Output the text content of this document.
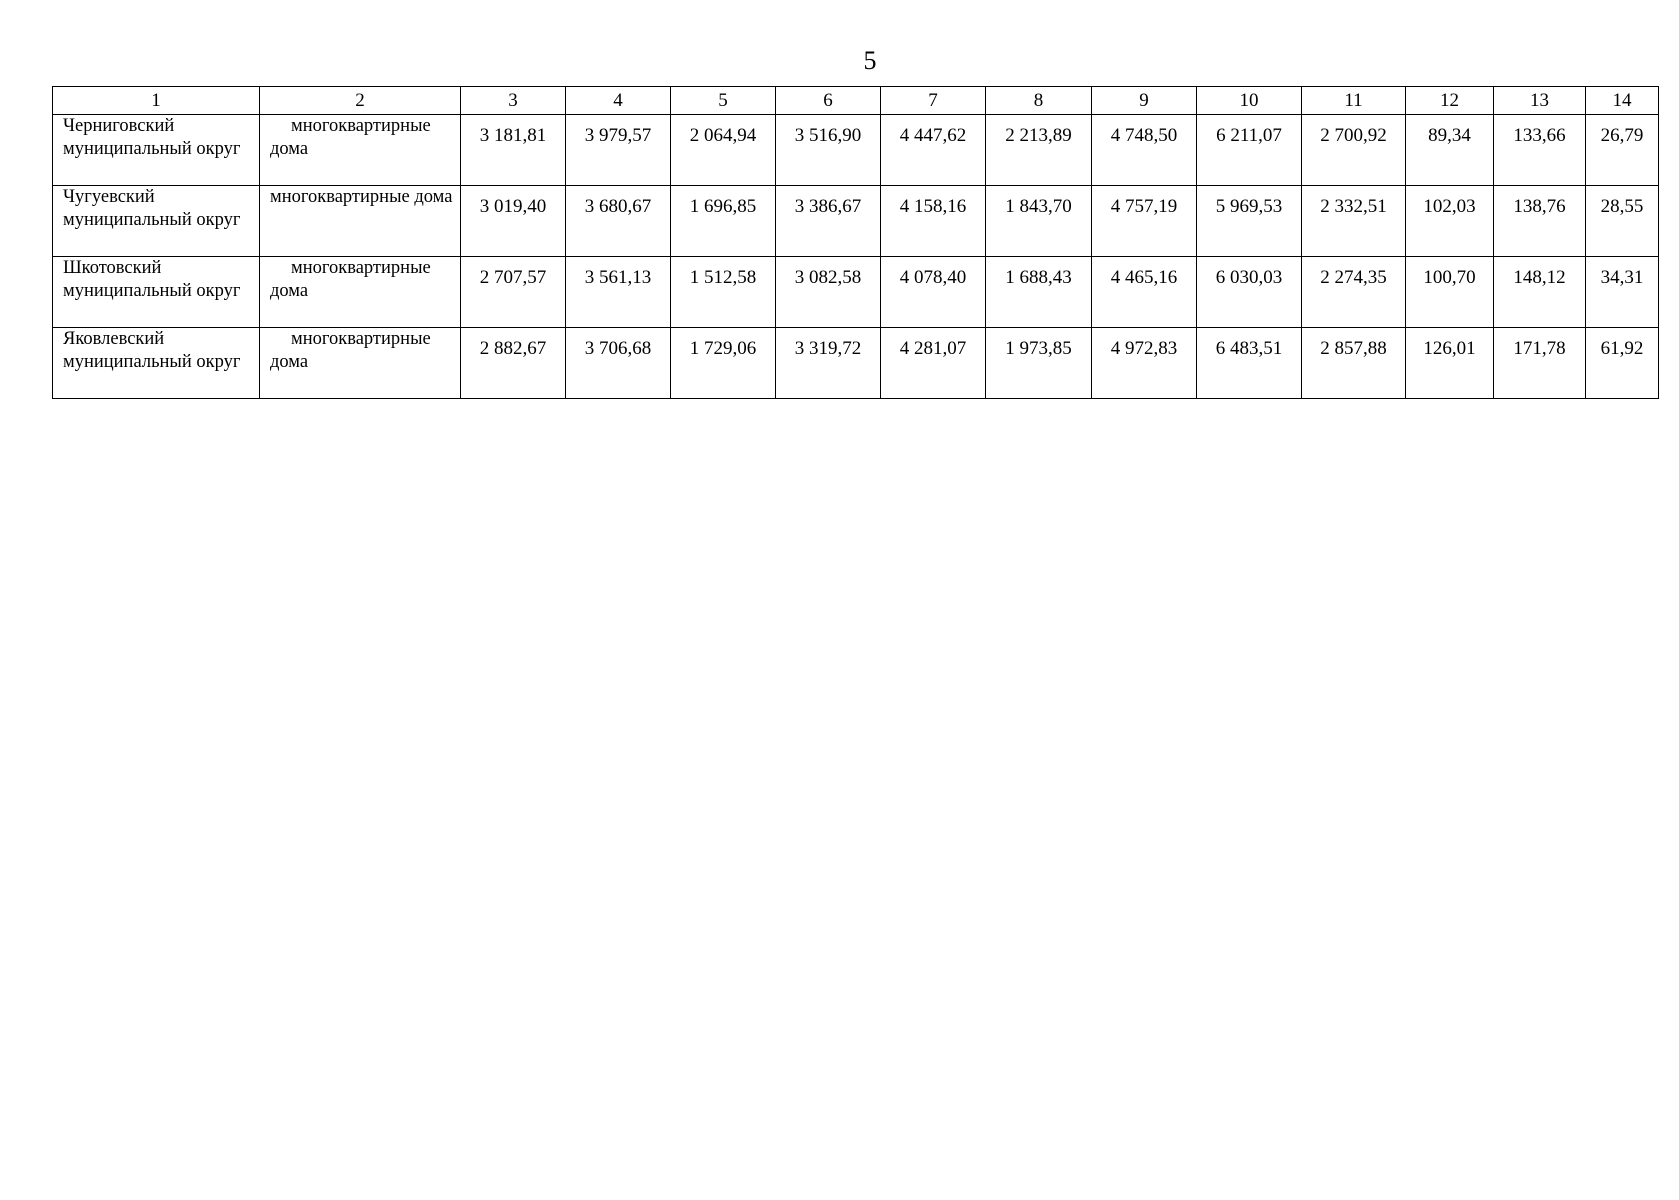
5
1	2	3	4	5	6	7	8	9	10	11	12	13	14
Черниговский муниципальный округ	многоквартирные дома	3 181,81	3 979,57	2 064,94	3 516,90	4 447,62	2 213,89	4 748,50	6 211,07	2 700,92	89,34	133,66	26,79
Чугуевский муниципальный округ	многоквартирные дома	3 019,40	3 680,67	1 696,85	3 386,67	4 158,16	1 843,70	4 757,19	5 969,53	2 332,51	102,03	138,76	28,55
Шкотовский муниципальный округ	многоквартирные дома	2 707,57	3 561,13	1 512,58	3 082,58	4 078,40	1 688,43	4 465,16	6 030,03	2 274,35	100,70	148,12	34,31
Яковлевский муниципальный округ	многоквартирные дома	2 882,67	3 706,68	1 729,06	3 319,72	4 281,07	1 973,85	4 972,83	6 483,51	2 857,88	126,01	171,78	61,92
